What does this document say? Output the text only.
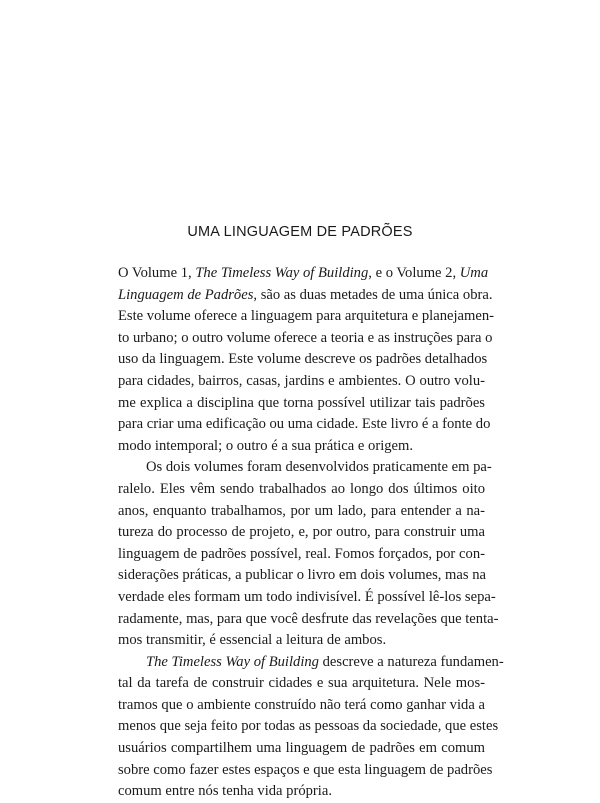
UMA LINGUAGEM DE PADRÕES
O Volume 1, The Timeless Way of Building, e o Volume 2, Uma
Linguagem de Padrões, são as duas metades de uma única obra.
Este volume oferece a linguagem para arquitetura e planejamen-
to urbano; o outro volume oferece a teoria e as instruções para o
uso da linguagem. Este volume descreve os padrões detalhados
para cidades, bairros, casas, jardins e ambientes. O outro volu-
me explica a disciplina que torna possível utilizar tais padrões
para criar uma edificação ou uma cidade. Este livro é a fonte do
modo intemporal; o outro é a sua prática e origem.
Os dois volumes foram desenvolvidos praticamente em pa-
ralelo. Eles vêm sendo trabalhados ao longo dos últimos oito
anos, enquanto trabalhamos, por um lado, para entender a na-
tureza do processo de projeto, e, por outro, para construir uma
linguagem de padrões possível, real. Fomos forçados, por con-
siderações práticas, a publicar o livro em dois volumes, mas na
verdade eles formam um todo indivisível. É possível lê-los sepa-
radamente, mas, para que você desfrute das revelações que tenta-
mos transmitir, é essencial a leitura de ambos.
The Timeless Way of Building descreve a natureza fundamen-
tal da tarefa de construir cidades e sua arquitetura. Nele mos-
tramos que o ambiente construído não terá como ganhar vida a
menos que seja feito por todas as pessoas da sociedade, que estes
usuários compartilhem uma linguagem de padrões em comum
sobre como fazer estes espaços e que esta linguagem de padrões
comum entre nós tenha vida própria.
